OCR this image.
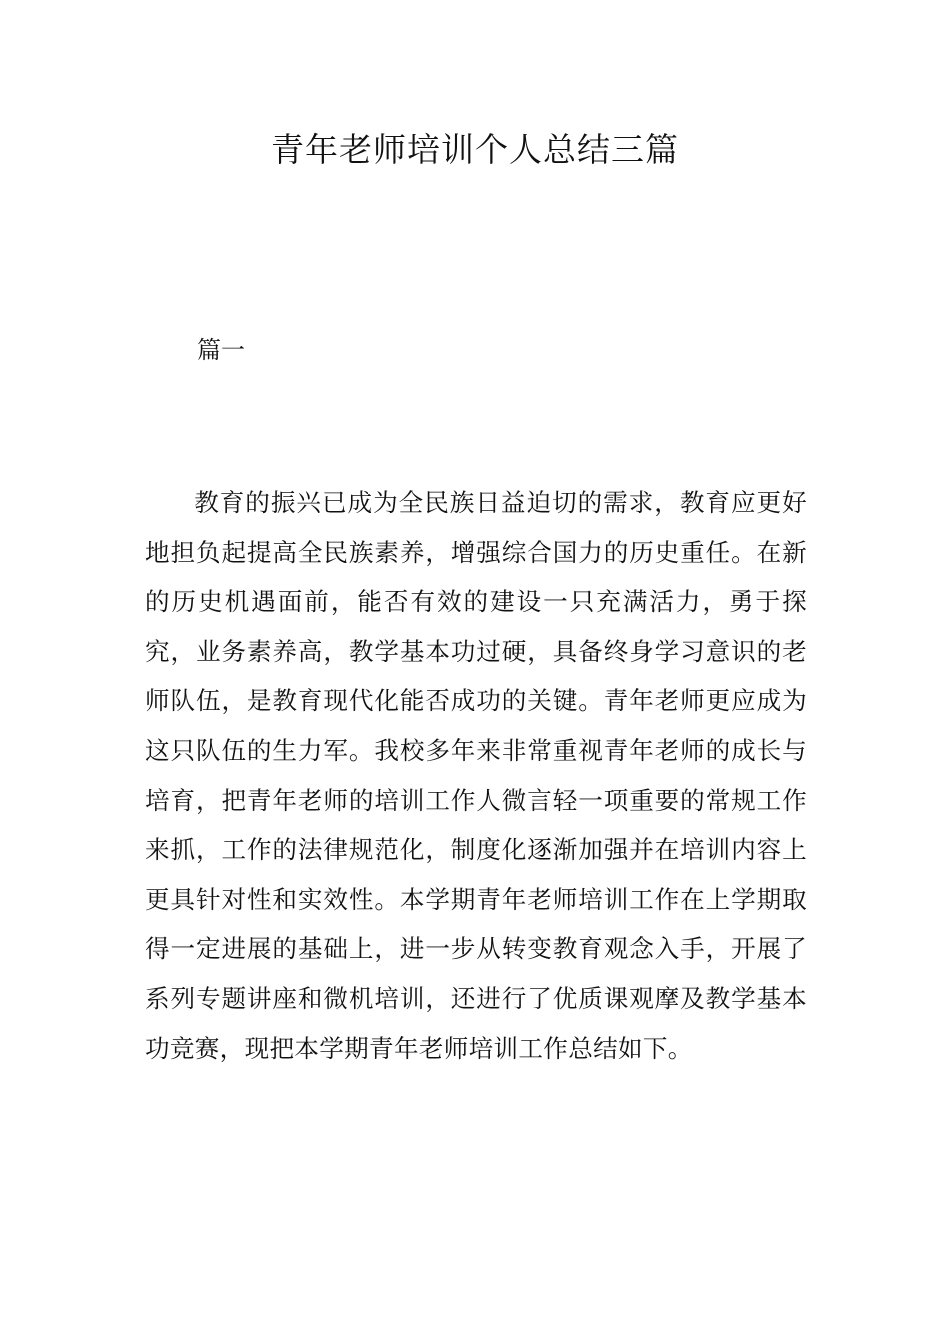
青年老师培训个人总结三篇
篇一

教育的振兴已成为全民族日益迫切的需求，教育应更好地担负起提高全民族素养，增强综合国力的历史重任。在新的历史机遇面前，能否有效的建设一只充满活力，勇于探究，业务素养高，教学基本功过硬，具备终身学习意识的老师队伍，是教育现代化能否成功的关键。青年老师更应成为这只队伍的生力军。我校多年来非常重视青年老师的成长与培育，把青年老师的培训工作人微言轻一项重要的常规工作来抓，工作的法律规范化，制度化逐渐加强并在培训内容上更具针对性和实效性。本学期青年老师培训工作在上学期取得一定进展的基础上，进一步从转变教育观念入手，开展了系列专题讲座和微机培训，还进行了优质课观摩及教学基本功竞赛，现把本学期青年老师培训工作总结如下。
